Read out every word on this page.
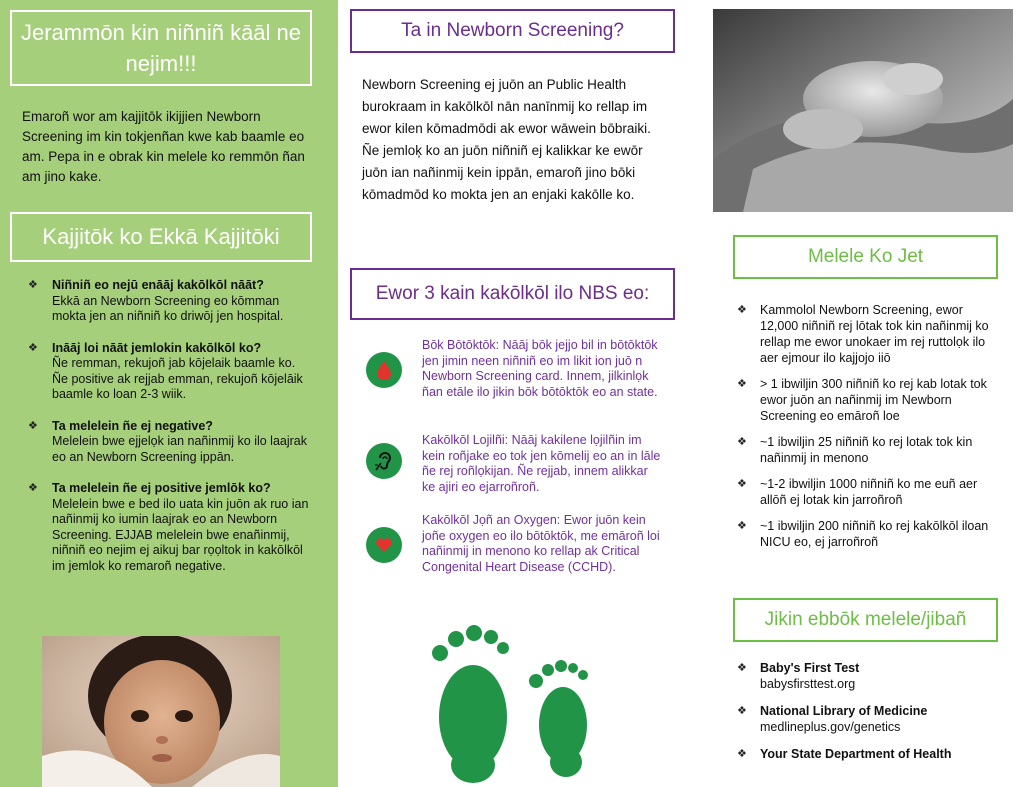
Jerammōn kin niñniñ kāāl ne nejim!!!

Emaroñ wor am kajjitōk ikijjien Newborn Screening im kin tokjenñan kwe kab baamle eo am. Pepa in e obrak kin melele ko remmōn ñan am jino kake.

Kajjitōk ko Ekkā Kajjitōki
❖ Niñniñ eo nejū enāāj kakōlkōl nāāt?
Ekkā an Newborn Screening eo kōmman mokta jen an niñniñ ko driwōj jen hospital.
❖ Ināāj loi nāāt jemlokin kakōlkōl ko?
Ñe remman, rekujoñ jab kōjelaik baamle ko. Ñe positive ak rejjab emman, rekujoñ kōjelāik baamle ko loan 2-3 wiik.
❖ Ta melelein ñe ej negative?
Melelein bwe ejjelọk ian nañinmij ko ilo laajrak eo an Newborn Screening ippān.
❖ Ta melelein ñe ej positive jemlōk ko?
Melelein bwe e bed ilo uata kin juōn ak ruo ian nañinmij ko iumin laajrak eo an Newborn Screening. EJJAB melelein bwe enañinmij, niñniñ eo nejim ej aikuj bar rọọltok in kakōlkōl im jemlok ko remaroñ negative.
Ta in Newborn Screening?

Newborn Screening ej juōn an Public Health burokraam in kakōlkōl nān nanīnmij ko rellap im ewor kilen kōmadmōdi ak ewor wāwein bōbraiki. Ñe jemloķ ko an juōn niñniñ ej kalikkar ke ewōr juōn ian nañinmij kein ippān, emaroñ jino bōki kōmadmōd ko mokta jen an enjaki kakōlle ko.

Ewor 3 kain kakōlkōl ilo NBS eo:
Bōk Bōtōktōk: Nāāj bōk jejjo bil in bōtōktōk jen jimin neen niñniñ eo im likit ion juō n Newborn Screening card. Innem, jilkinlọk ñan etāle ilo jikin bōk bōtōktōk eo an state.
Kakōlkōl Lojilñi: Nāāj kakilene lọjilñin im kein roñjake eo tok jen kōmelij eo an in lāle ñe rej roñlọkijan. Ñe rejjab, innem alikkar ke ajiri eo ejarroñroñ.
Kakōlkōl Jọñ an Oxygen: Ewor juōn kein joñe oxygen eo ilo bōtōktōk, me emāroñ loi nañinmij in menono ko rellap ak Critical Congenital Heart Disease (CCHD).
Melele Ko Jet
❖ Kammolol Newborn Screening, ewor 12,000 niñniñ rej lōtak tok kin nañinmij ko rellap me ewor unokaer im rej ruttolọk ilo aer ejmour ilo kajjojo iiō
❖ > 1 ibwiljin 300 niñniñ ko rej kab lotak tok ewor juōn an nañinmij im Newborn Screening eo emāroñ loe
❖ ~1 ibwiljin 25 niñniñ ko rej lotak tok kin nañinmij in menono
❖ ~1-2 ibwiljin 1000 niñniñ ko me euñ aer allōñ ej lotak kin jarroñroñ
❖ ~1 ibwiljin 200 niñniñ ko rej kakōlkōl iloan NICU eo, ej jarroñroñ
Jikin ebbōk melele/jibañ
❖ Baby's First Test
babysfirsttest.org
❖ National Library of Medicine
medlineplus.gov/genetics
❖ Your State Department of Health
